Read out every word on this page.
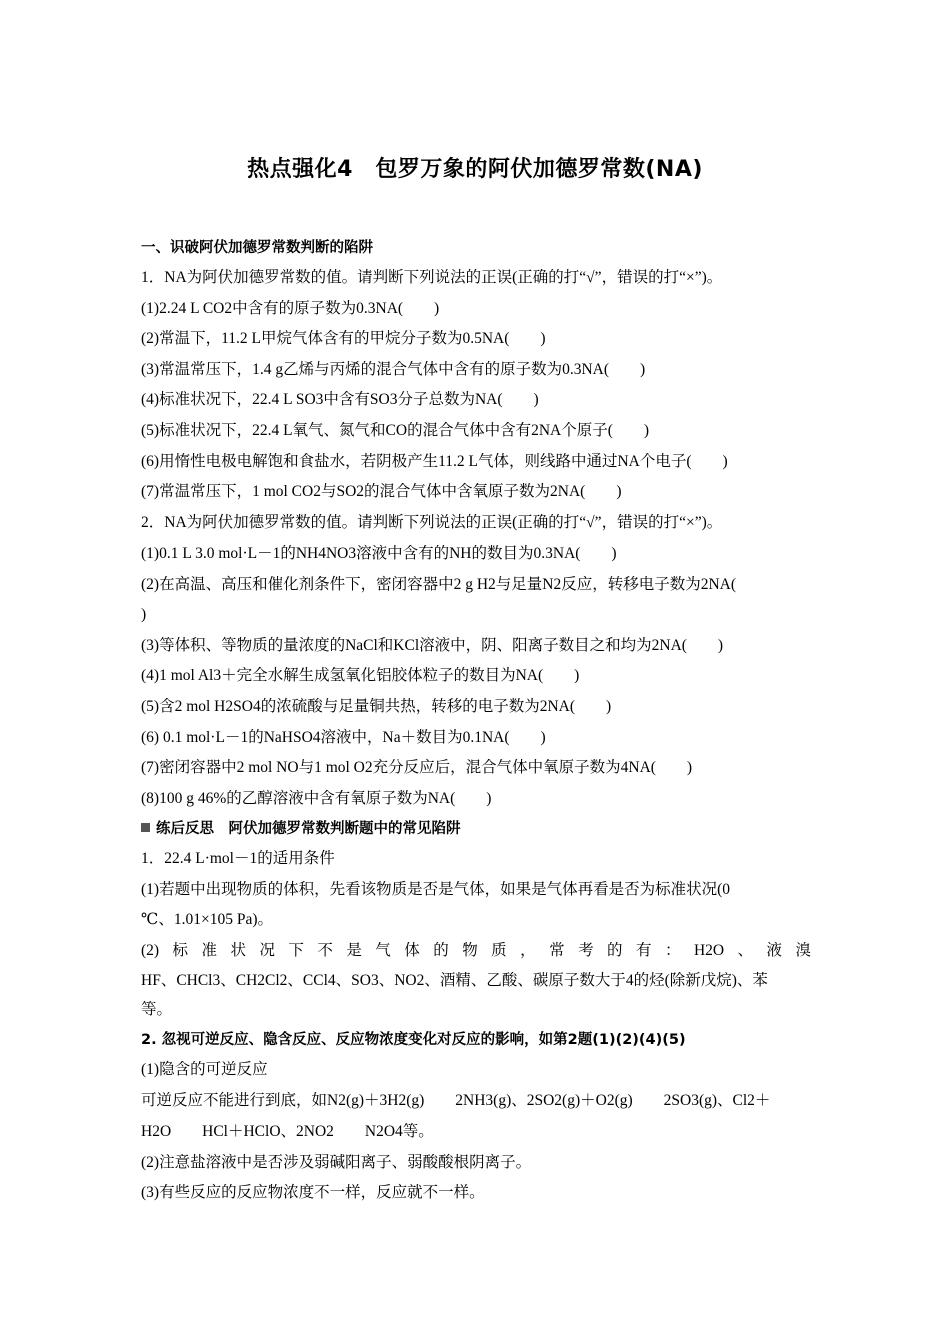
热点强化4　包罗万象的阿伏加德罗常数(NA)
一、识破阿伏加德罗常数判断的陷阱
1．NA为阿伏加德罗常数的值。请判断下列说法的正误(正确的打“√”，错误的打“×”)。
(1)2.24 L CO2中含有的原子数为0.3NA(　　)
(2)常温下，11.2 L甲烷气体含有的甲烷分子数为0.5NA(　　)
(3)常温常压下，1.4 g乙烯与丙烯的混合气体中含有的原子数为0.3NA(　　)
(4)标准状况下，22.4 L SO3中含有SO3分子总数为NA(　　)
(5)标准状况下，22.4 L氧气、氮气和CO的混合气体中含有2NA个原子(　　)
(6)用惰性电极电解饱和食盐水，若阴极产生11.2 L气体，则线路中通过NA个电子(　　)
(7)常温常压下，1 mol CO2与SO2的混合气体中含氧原子数为2NA(　　)
2．NA为阿伏加德罗常数的值。请判断下列说法的正误(正确的打“√”，错误的打“×”)。
(1)0.1 L 3.0 mol·L－1的NH4NO3溶液中含有的NH的数目为0.3NA(　　)
(2)在高温、高压和催化剂条件下，密闭容器中2 g H2与足量N2反应，转移电子数为2NA(
)
(3)等体积、等物质的量浓度的NaCl和KCl溶液中，阴、阳离子数目之和均为2NA(　　)
(4)1 mol Al3＋完全水解生成氢氧化铝胶体粒子的数目为NA(　　)
(5)含2 mol H2SO4的浓硫酸与足量铜共热，转移的电子数为2NA(　　)
(6) 0.1 mol·L－1的NaHSO4溶液中，Na＋数目为0.1NA(　　)
(7)密闭容器中2 mol NO与1 mol O2充分反应后，混合气体中氧原子数为4NA(　　)
(8)100 g 46%的乙醇溶液中含有氧原子数为NA(　　)
练后反思　阿伏加德罗常数判断题中的常见陷阱
1．22.4 L·mol－1的适用条件
(1)若题中出现物质的体积，先看该物质是否是气体，如果是气体再看是否为标准状况(0
℃、1.01×105 Pa)。
(2)标准状况下不是气体的物质，常考的有：H2O、液溴
HF、CHCl3、CH2Cl2、CCl4、SO3、NO2、酒精、乙酸、碳原子数大于4的烃(除新戊烷)、苯
等。
2. 忽视可逆反应、隐含反应、反应物浓度变化对反应的影响，如第2题(1)(2)(4)(5)
(1)隐含的可逆反应
可逆反应不能进行到底，如N2(g)＋3H2(g)　　2NH3(g)、2SO2(g)＋O2(g)　　2SO3(g)、Cl2＋
H2O　　HCl＋HClO、2NO2　　N2O4等。
(2)注意盐溶液中是否涉及弱碱阳离子、弱酸酸根阴离子。
(3)有些反应的反应物浓度不一样，反应就不一样。
